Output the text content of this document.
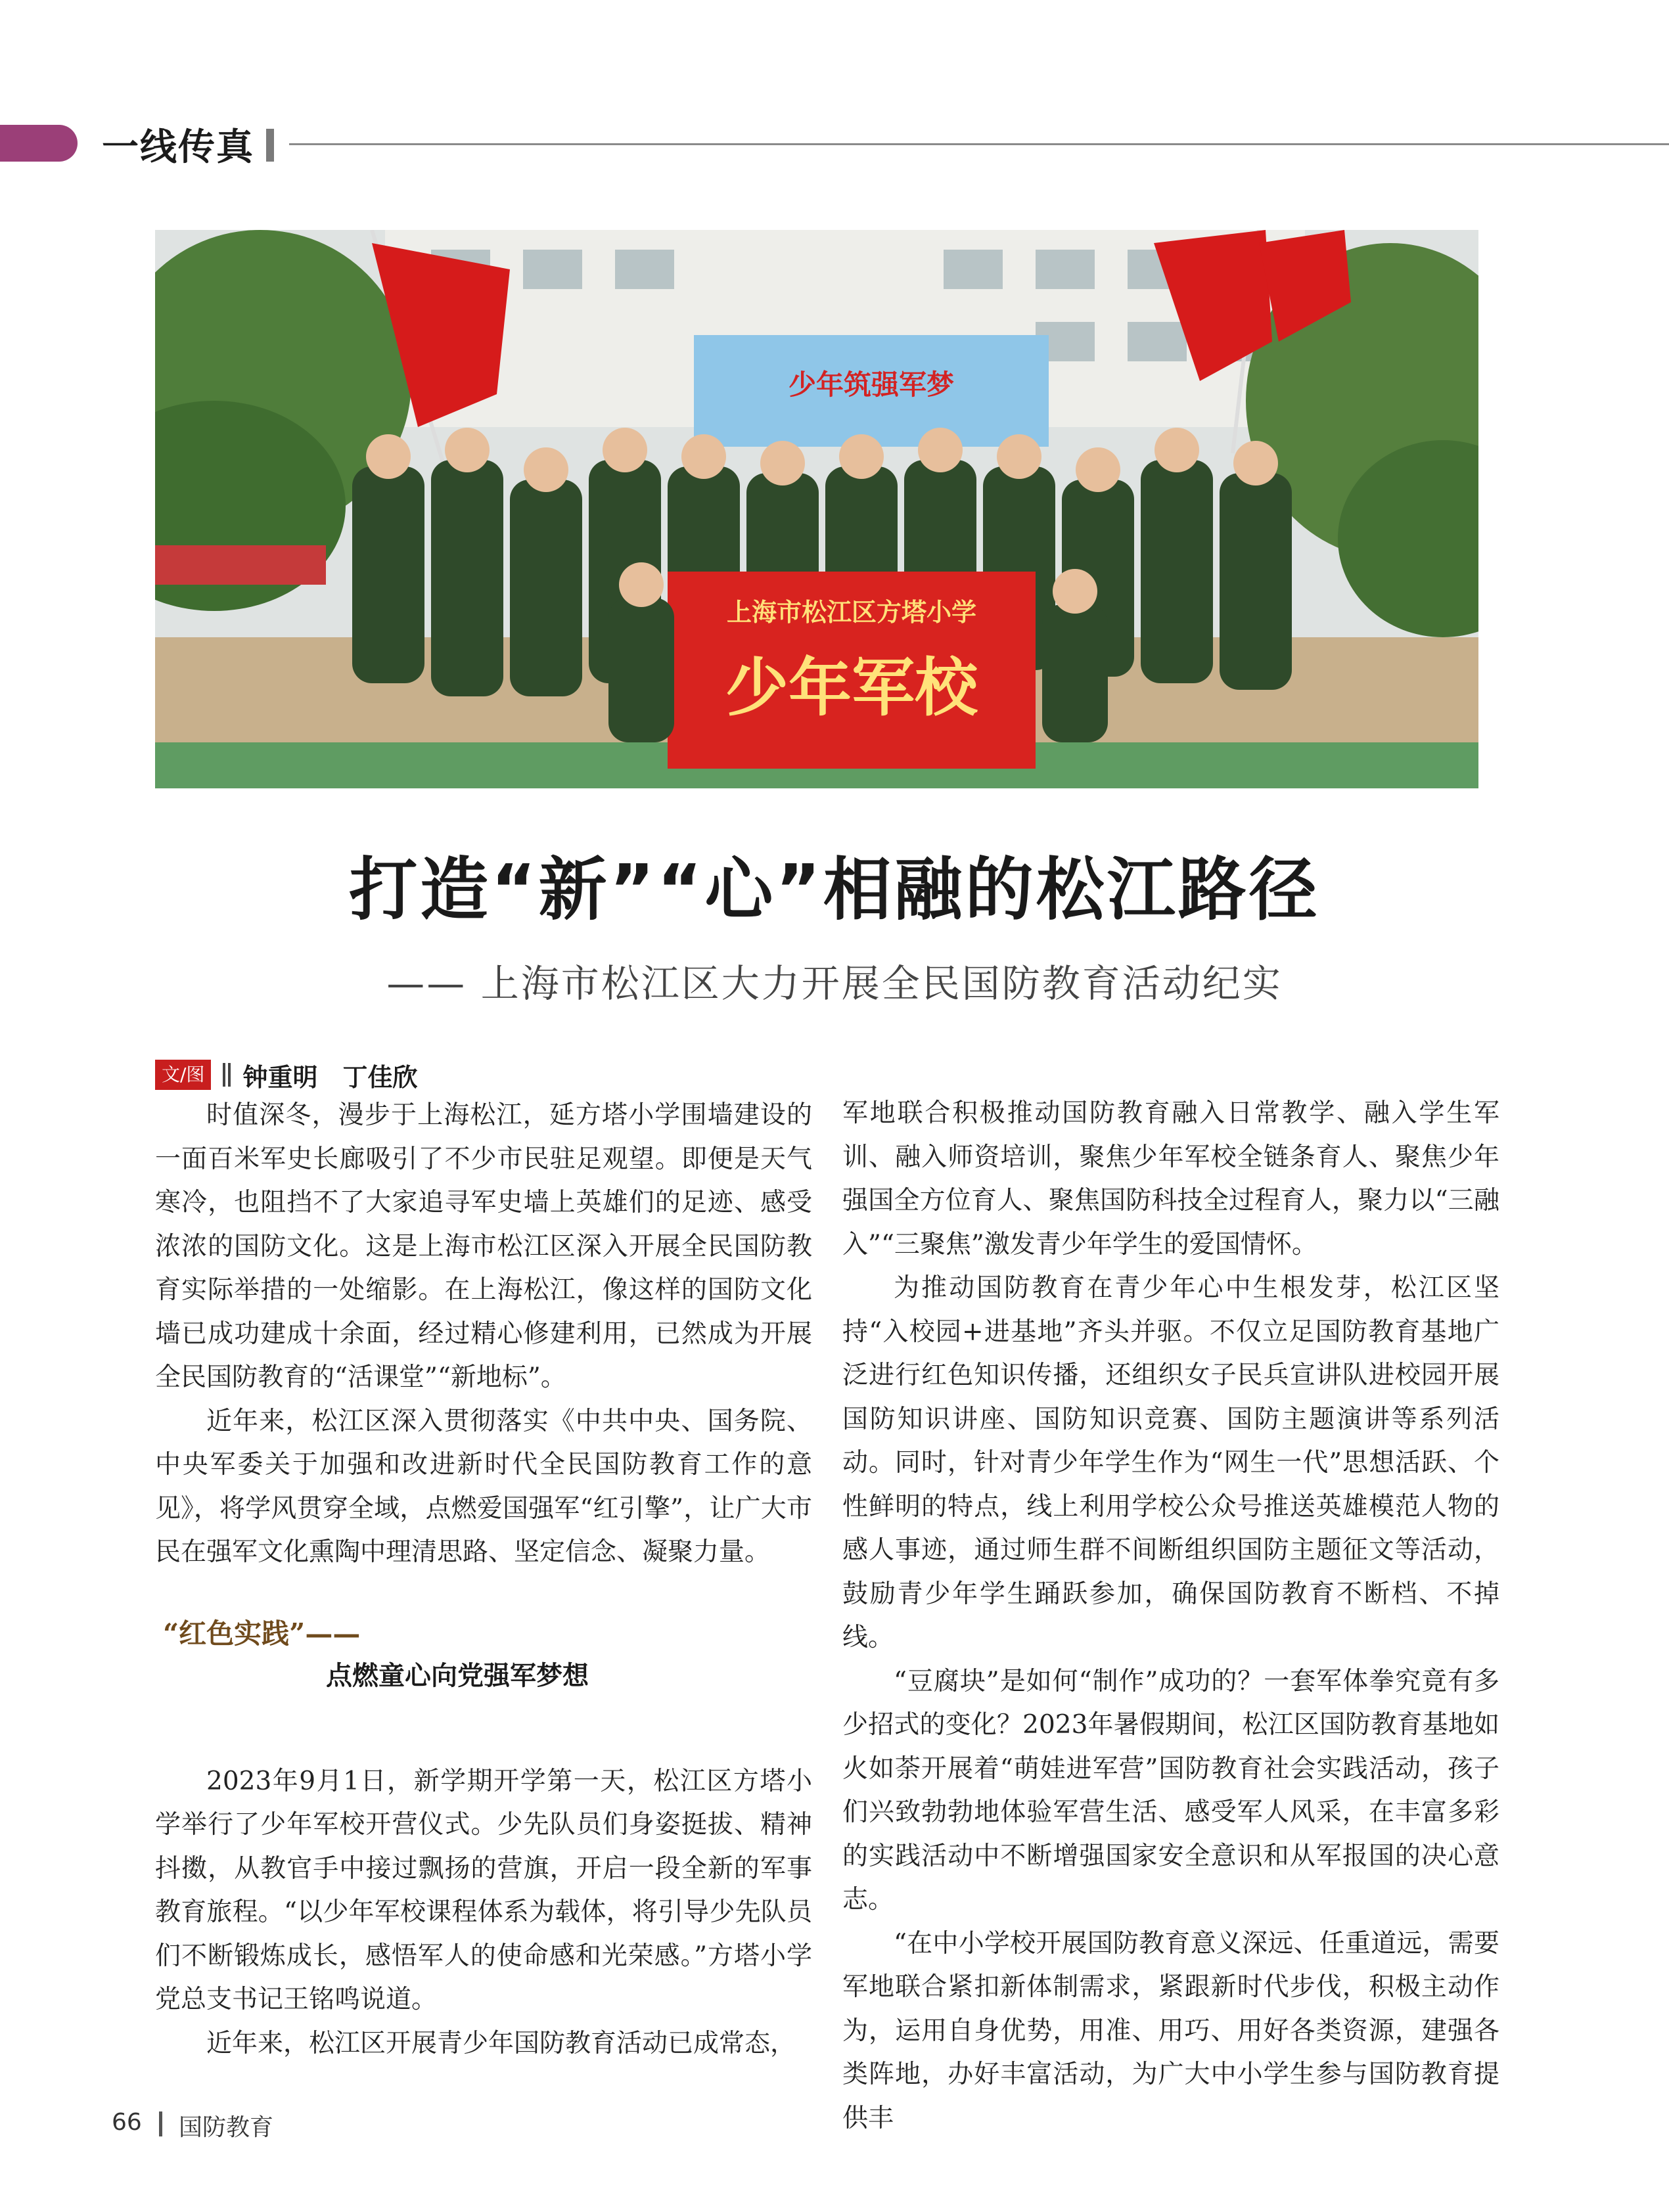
一线传真
少年筑强军梦
上海市松江区方塔小学
少年军校
打造“新”“心”相融的松江路径
—— 上海市松江区大力开展全民国防教育活动纪实
文/图 钟重明　丁佳欣

时值深冬，漫步于上海松江，延方塔小学围墙建设的一面百米军史长廊吸引了不少市民驻足观望。即便是天气寒冷，也阻挡不了大家追寻军史墙上英雄们的足迹、感受浓浓的国防文化。这是上海市松江区深入开展全民国防教育实际举措的一处缩影。在上海松江，像这样的国防文化墙已成功建成十余面，经过精心修建利用，已然成为开展全民国防教育的“活课堂”“新地标”。

近年来，松江区深入贯彻落实《中共中央、国务院、中央军委关于加强和改进新时代全民国防教育工作的意见》，将学风贯穿全域，点燃爱国强军“红引擎”，让广大市民在强军文化熏陶中理清思路、坚定信念、凝聚力量。

“红色实践”——
点燃童心向党强军梦想

2023年9月1日，新学期开学第一天，松江区方塔小学举行了少年军校开营仪式。少先队员们身姿挺拔、精神抖擞，从教官手中接过飘扬的营旗，开启一段全新的军事教育旅程。“以少年军校课程体系为载体，将引导少先队员们不断锻炼成长，感悟军人的使命感和光荣感。”方塔小学党总支书记王铭鸣说道。

近年来，松江区开展青少年国防教育活动已成常态，

军地联合积极推动国防教育融入日常教学、融入学生军训、融入师资培训，聚焦少年军校全链条育人、聚焦少年强国全方位育人、聚焦国防科技全过程育人，聚力以“三融入”“三聚焦”激发青少年学生的爱国情怀。

为推动国防教育在青少年心中生根发芽，松江区坚持“入校园+进基地”齐头并驱。不仅立足国防教育基地广泛进行红色知识传播，还组织女子民兵宣讲队进校园开展国防知识讲座、国防知识竞赛、国防主题演讲等系列活动。同时，针对青少年学生作为“网生一代”思想活跃、个性鲜明的特点，线上利用学校公众号推送英雄模范人物的感人事迹，通过师生群不间断组织国防主题征文等活动，鼓励青少年学生踊跃参加，确保国防教育不断档、不掉线。

“豆腐块”是如何“制作”成功的？一套军体拳究竟有多少招式的变化？2023年暑假期间，松江区国防教育基地如火如荼开展着“萌娃进军营”国防教育社会实践活动，孩子们兴致勃勃地体验军营生活、感受军人风采，在丰富多彩的实践活动中不断增强国家安全意识和从军报国的决心意志。

“在中小学校开展国防教育意义深远、任重道远，需要军地联合紧扣新体制需求，紧跟新时代步伐，积极主动作为，运用自身优势，用准、用巧、用好各类资源，建强各类阵地，办好丰富活动，为广大中小学生参与国防教育提供丰

66 国防教育
